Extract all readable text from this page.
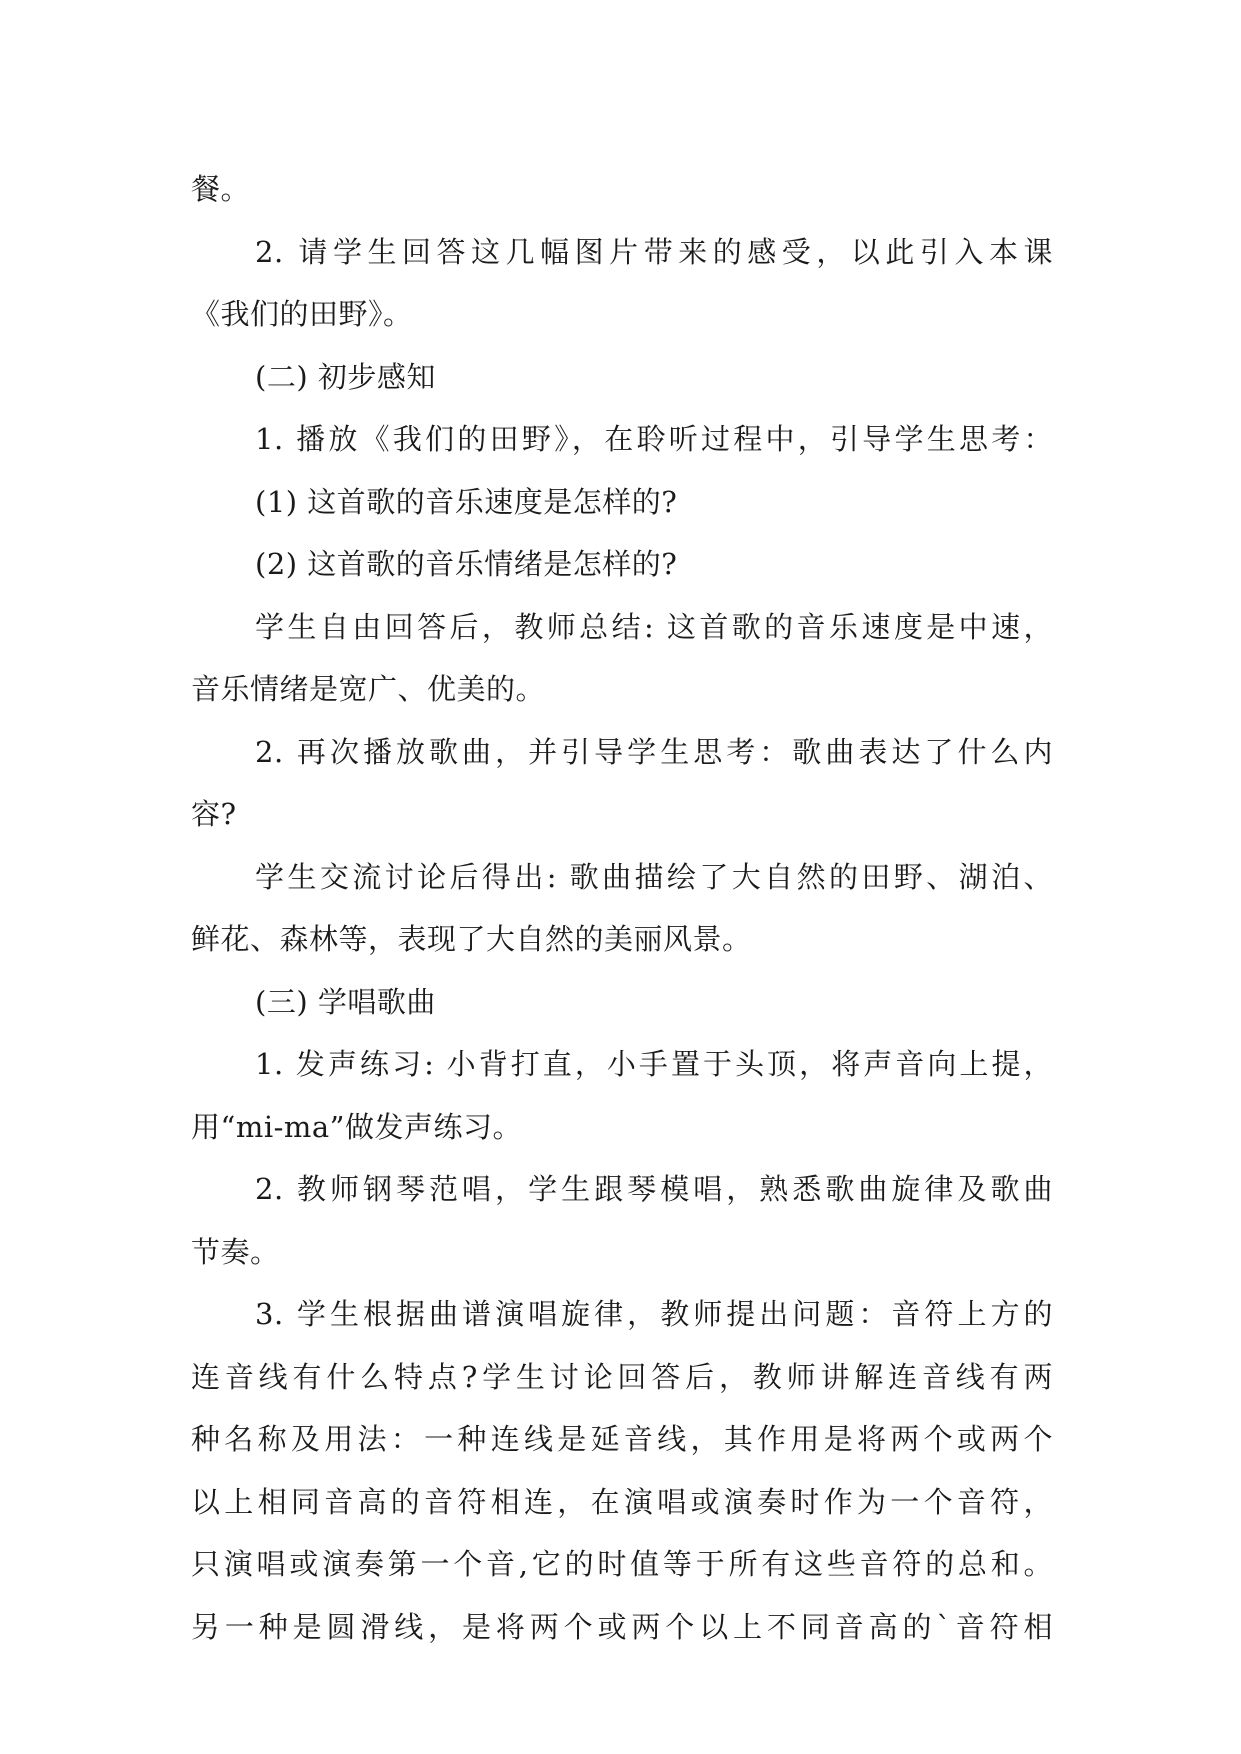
餐。
2. 请学生回答这几幅图片带来的感受，以此引入本课
《我们的田野》。
(二) 初步感知
1. 播放《我们的田野》，在聆听过程中，引导学生思考：
(1) 这首歌的音乐速度是怎样的?
(2) 这首歌的音乐情绪是怎样的?
学生自由回答后，教师总结: 这首歌的音乐速度是中速，
音乐情绪是宽广、优美的。
2. 再次播放歌曲，并引导学生思考：歌曲表达了什么内
容?
学生交流讨论后得出: 歌曲描绘了大自然的田野、湖泊、
鲜花、森林等，表现了大自然的美丽风景。
(三) 学唱歌曲
1. 发声练习: 小背打直，小手置于头顶，将声音向上提，
用“mi-ma”做发声练习。
2. 教师钢琴范唱，学生跟琴模唱，熟悉歌曲旋律及歌曲
节奏。
3. 学生根据曲谱演唱旋律，教师提出问题：音符上方的
连音线有什么特点?学生讨论回答后，教师讲解连音线有两
种名称及用法：一种连线是延音线，其作用是将两个或两个
以上相同音高的音符相连，在演唱或演奏时作为一个音符，
只演唱或演奏第一个音,它的时值等于所有这些音符的总和。
另一种是圆滑线，是将两个或两个以上不同音高的`音符相
